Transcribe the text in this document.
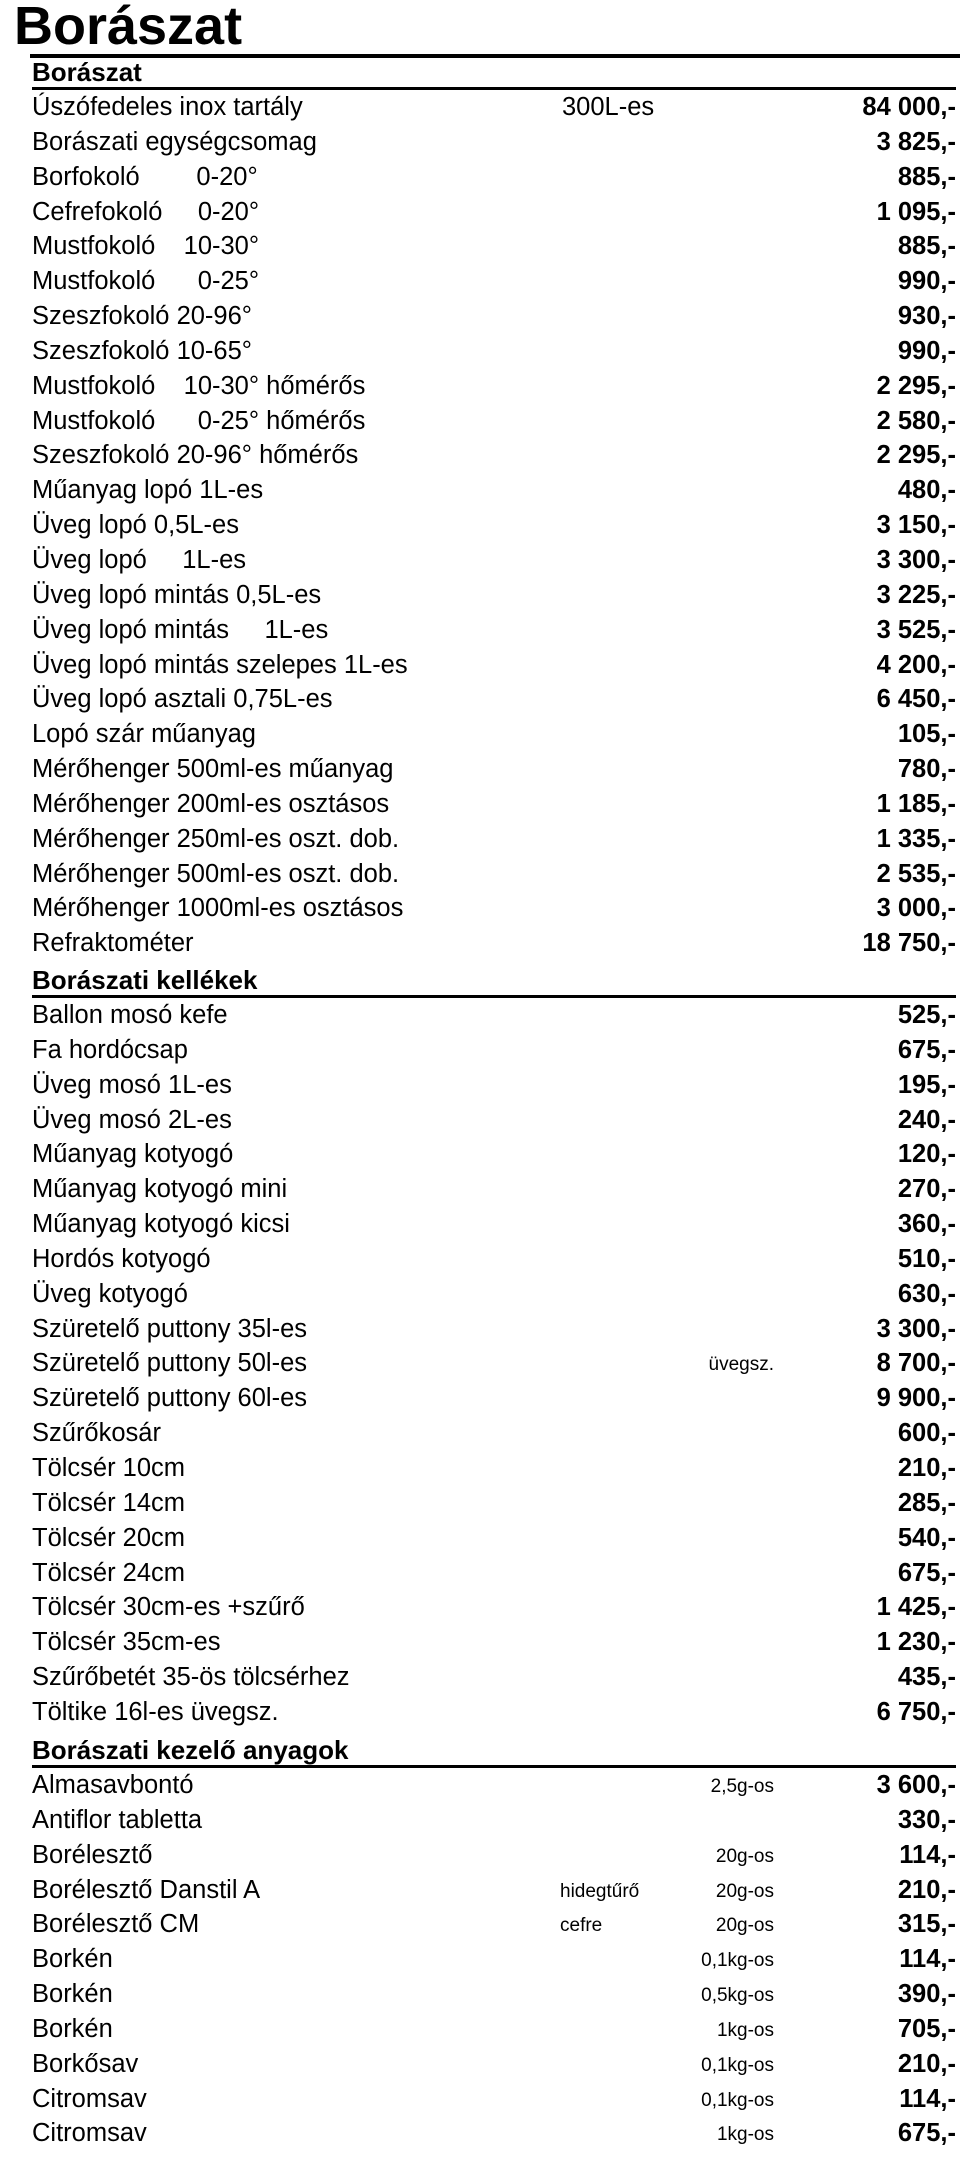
Borászat
Borászat
Úszófedeles inox tartály	300L-es	84 000,-
Borászati egységcsomag	3 825,-
Borfokoló        0-20°	885,-
Cefrefokoló     0-20°	1 095,-
Mustfokoló    10-30°	885,-
Mustfokoló      0-25°	990,-
Szeszfokoló 20-96°	930,-
Szeszfokoló 10-65°	990,-
Mustfokoló    10-30° hőmérős	2 295,-
Mustfokoló      0-25° hőmérős	2 580,-
Szeszfokoló 20-96° hőmérős	2 295,-
Műanyag lopó 1L-es	480,-
Üveg lopó 0,5L-es	3 150,-
Üveg lopó     1L-es	3 300,-
Üveg lopó mintás 0,5L-es	3 225,-
Üveg lopó mintás     1L-es	3 525,-
Üveg lopó mintás szelepes 1L-es	4 200,-
Üveg lopó asztali 0,75L-es	6 450,-
Lopó szár műanyag	105,-
Mérőhenger 500ml-es műanyag	780,-
Mérőhenger 200ml-es osztásos	1 185,-
Mérőhenger 250ml-es oszt. dob.	1 335,-
Mérőhenger 500ml-es oszt. dob.	2 535,-
Mérőhenger 1000ml-es osztásos	3 000,-
Refraktométer	18 750,-
Borászati kellékek
Ballon mosó kefe	525,-
Fa hordócsap	675,-
Üveg mosó 1L-es	195,-
Üveg mosó 2L-es	240,-
Műanyag kotyogó	120,-
Műanyag kotyogó mini	270,-
Műanyag kotyogó kicsi	360,-
Hordós kotyogó	510,-
Üveg kotyogó	630,-
Szüretelő puttony 35l-es	3 300,-
Szüretelő puttony 50l-es	üvegsz.	8 700,-
Szüretelő puttony 60l-es	9 900,-
Szűrőkosár	600,-
Tölcsér 10cm	210,-
Tölcsér 14cm	285,-
Tölcsér 20cm	540,-
Tölcsér 24cm	675,-
Tölcsér 30cm-es +szűrő	1 425,-
Tölcsér 35cm-es	1 230,-
Szűrőbetét 35-ös tölcsérhez	435,-
Töltike 16l-es üvegsz.	6 750,-
Borászati kezelő anyagok
Almasavbontó	2,5g-os	3 600,-
Antiflor tabletta	330,-
Borélesztő	20g-os	114,-
Borélesztő Danstil A	hidegtűrő	20g-os	210,-
Borélesztő CM	cefre	20g-os	315,-
Borkén	0,1kg-os	114,-
Borkén	0,5kg-os	390,-
Borkén	1kg-os	705,-
Borkősav	0,1kg-os	210,-
Citromsav	0,1kg-os	114,-
Citromsav	1kg-os	675,-
